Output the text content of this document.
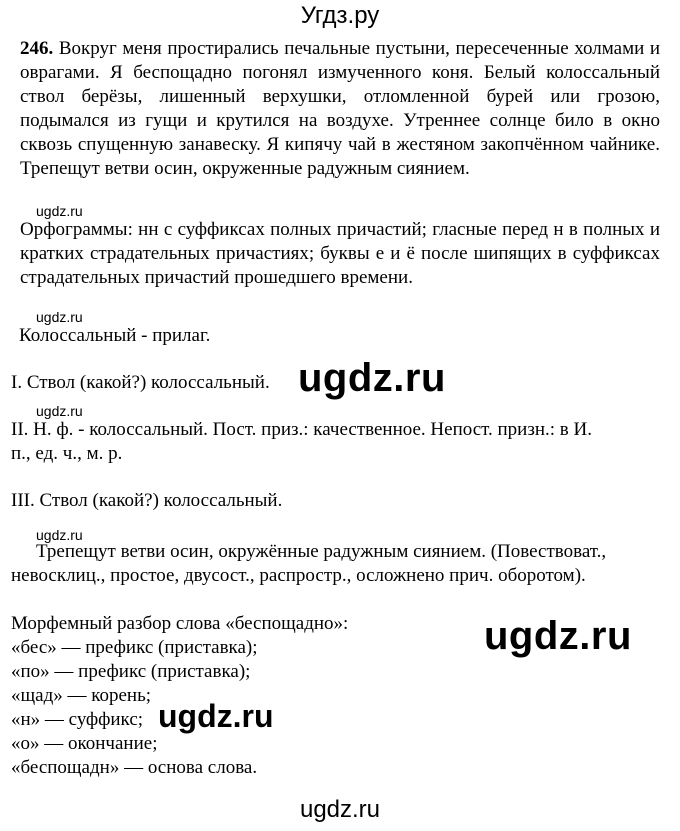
Угдз.ру
246. Вокруг меня простирались печальные пустыни, пересеченные холмами и оврагами. Я беспощадно погонял измученного коня. Белый колоссальный ствол берёзы, лишенный верхушки, отломленной бурей или грозою, подымался из гущи и крутился на воздухе. Утреннее солнце било в окно сквозь спущенную занавеску. Я кипячу чай в жестяном закопчённом чайнике. Трепещут ветви осин, окруженные радужным сиянием.
ugdz.ru
Орфограммы: нн с суффиксах полных причастий; гласные перед н в полных и кратких страдательных причастиях; буквы е и ё после шипящих в суффиксах страдательных причастий прошедшего времени.
ugdz.ru
Колоссальный - прилаг.
I. Ствол (какой?) колоссальный. ugdz.ru
ugdz.ru
II. Н. ф. - колоссальный. Пост. приз.: качественное. Непост. призн.: в И.
п., ед. ч., м. р.
III. Ствол (какой?) колоссальный.
ugdz.ru
Трепещут ветви осин, окружённые радужным сиянием. (Повествоват.,
невосклиц., простое, двусост., распростр., осложнено прич. оборотом).
Морфемный разбор слова «беспощадно»:	ugdz.ru
«бес» — префикс (приставка);
«по» — префикс (приставка);
«щад» — корень;
«н» — суффикс; ugdz.ru
«о» — окончание;
«беспощадн» — основа слова.
ugdz.ru
